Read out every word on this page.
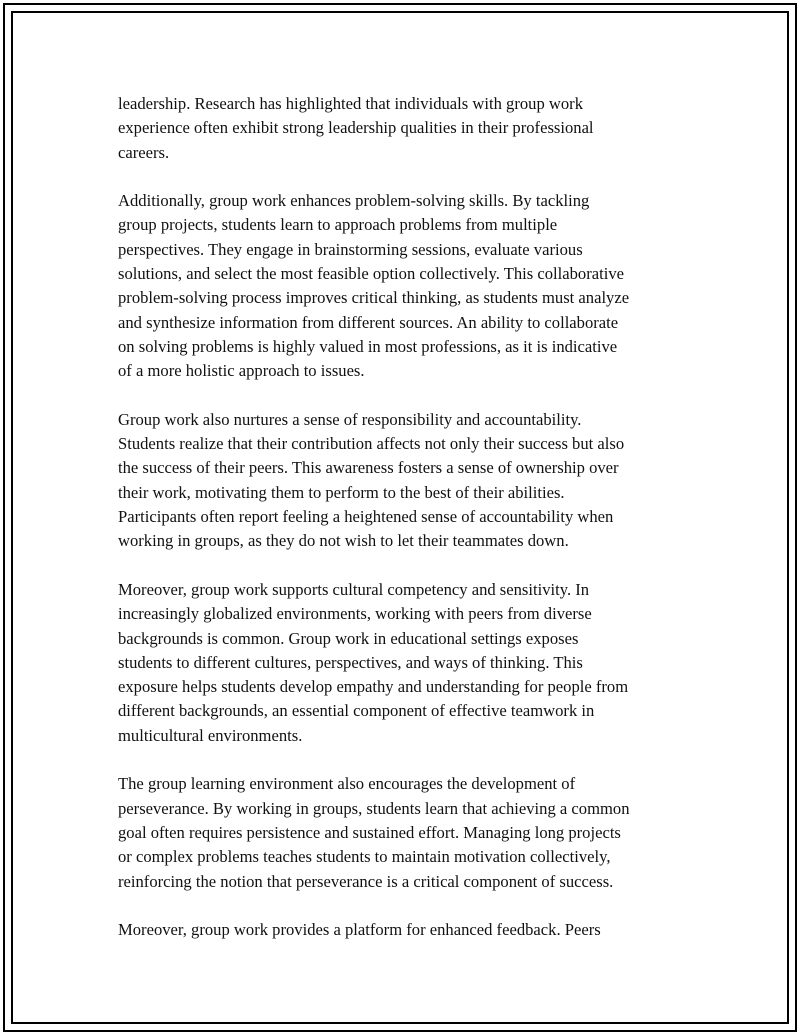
leadership. Research has highlighted that individuals with group work
experience often exhibit strong leadership qualities in their professional
careers.

Additionally, group work enhances problem-solving skills. By tackling
group projects, students learn to approach problems from multiple
perspectives. They engage in brainstorming sessions, evaluate various
solutions, and select the most feasible option collectively. This collaborative
problem-solving process improves critical thinking, as students must analyze
and synthesize information from different sources. An ability to collaborate
on solving problems is highly valued in most professions, as it is indicative
of a more holistic approach to issues.

Group work also nurtures a sense of responsibility and accountability.
Students realize that their contribution affects not only their success but also
the success of their peers. This awareness fosters a sense of ownership over
their work, motivating them to perform to the best of their abilities.
Participants often report feeling a heightened sense of accountability when
working in groups, as they do not wish to let their teammates down.

Moreover, group work supports cultural competency and sensitivity. In
increasingly globalized environments, working with peers from diverse
backgrounds is common. Group work in educational settings exposes
students to different cultures, perspectives, and ways of thinking. This
exposure helps students develop empathy and understanding for people from
different backgrounds, an essential component of effective teamwork in
multicultural environments.

The group learning environment also encourages the development of
perseverance. By working in groups, students learn that achieving a common
goal often requires persistence and sustained effort. Managing long projects
or complex problems teaches students to maintain motivation collectively,
reinforcing the notion that perseverance is a critical component of success.

Moreover, group work provides a platform for enhanced feedback. Peers
